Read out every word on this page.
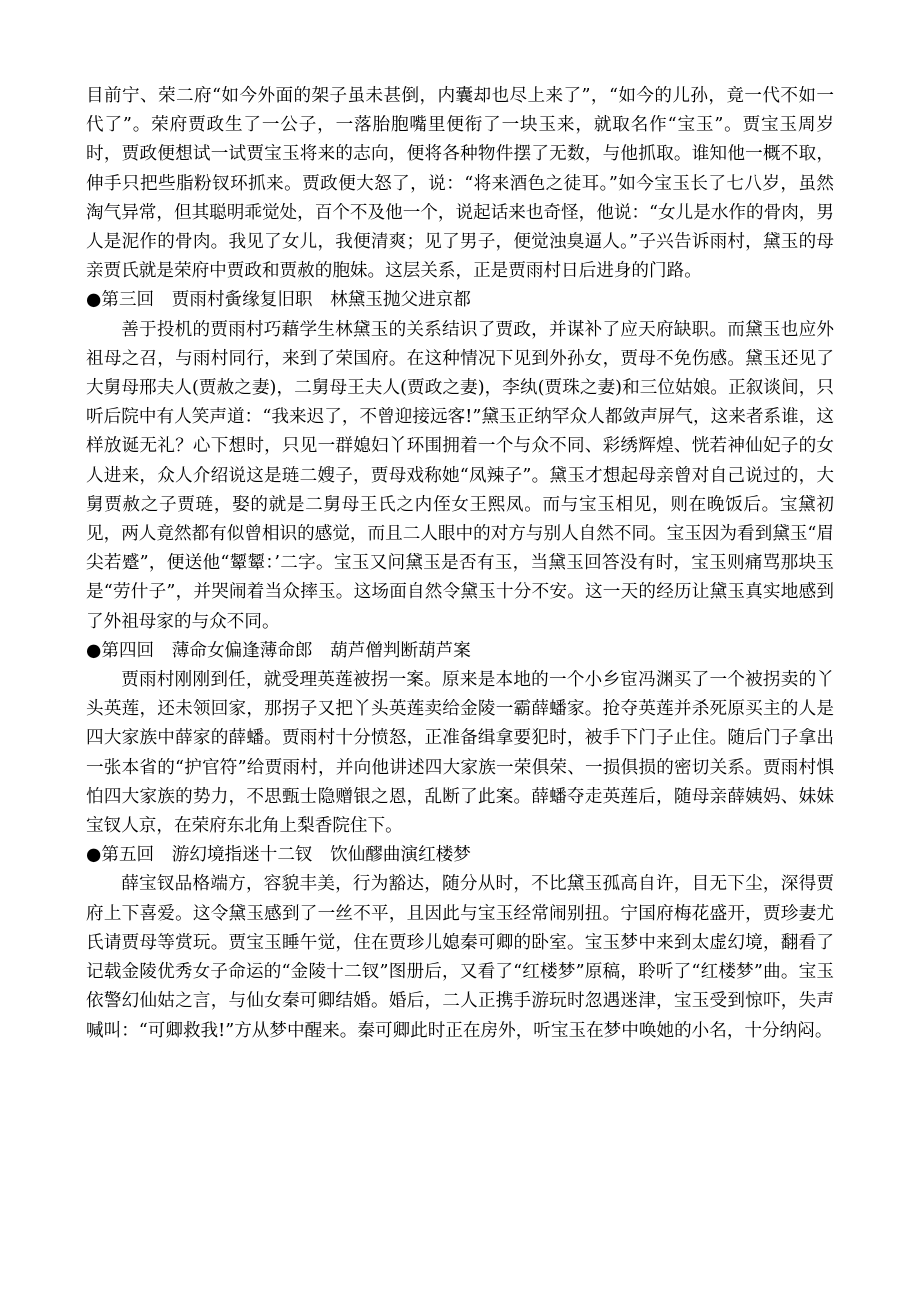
目前宁、荣二府“如今外面的架子虽未甚倒，内囊却也尽上来了”，“如今的儿孙，竟一代不如一代了”。荣府贾政生了一公子，一落胎胞嘴里便衔了一块玉来，就取名作“宝玉”。贾宝玉周岁时，贾政便想试一试贾宝玉将来的志向，便将各种物件摆了无数，与他抓取。谁知他一概不取，伸手只把些脂粉钗环抓来。贾政便大怒了，说：“将来酒色之徒耳。”如今宝玉长了七八岁，虽然淘气异常，但其聪明乖觉处，百个不及他一个，说起话来也奇怪，他说：“女儿是水作的骨肉，男人是泥作的骨肉。我见了女儿，我便清爽；见了男子，便觉浊臭逼人。”子兴告诉雨村，黛玉的母亲贾氏就是荣府中贾政和贾赦的胞妹。这层关系，正是贾雨村日后进身的门路。

●第三回 贾雨村夤缘复旧职 林黛玉抛父进京都

善于投机的贾雨村巧藉学生林黛玉的关系结识了贾政，并谋补了应天府缺职。而黛玉也应外祖母之召，与雨村同行，来到了荣国府。在这种情况下见到外孙女，贾母不免伤感。黛玉还见了大舅母邢夫人(贾赦之妻)，二舅母王夫人(贾政之妻)，李纨(贾珠之妻)和三位姑娘。正叙谈间，只听后院中有人笑声道：“我来迟了，不曾迎接远客!”黛玉正纳罕众人都敛声屏气，这来者系谁，这样放诞无礼？心下想时，只见一群媳妇丫环围拥着一个与众不同、彩绣辉煌、恍若神仙妃子的女人进来，众人介绍说这是琏二嫂子，贾母戏称她“凤辣子”。黛玉才想起母亲曾对自己说过的，大舅贾赦之子贾琏，娶的就是二舅母王氏之内侄女王熙凤。而与宝玉相见，则在晚饭后。宝黛初见，两人竟然都有似曾相识的感觉，而且二人眼中的对方与别人自然不同。宝玉因为看到黛玉“眉尖若蹙”，便送他“颦颦：’二字。宝玉又问黛玉是否有玉，当黛玉回答没有时，宝玉则痛骂那块玉是“劳什子”，并哭闹着当众摔玉。这场面自然令黛玉十分不安。这一天的经历让黛玉真实地感到了外祖母家的与众不同。

●第四回 薄命女偏逢薄命郎 葫芦僧判断葫芦案

贾雨村刚刚到任，就受理英莲被拐一案。原来是本地的一个小乡宦冯渊买了一个被拐卖的丫头英莲，还未领回家，那拐子又把丫头英莲卖给金陵一霸薛蟠家。抢夺英莲并杀死原买主的人是四大家族中薛家的薛蟠。贾雨村十分愤怒，正准备缉拿要犯时，被手下门子止住。随后门子拿出一张本省的“护官符”给贾雨村，并向他讲述四大家族一荣俱荣、一损俱损的密切关系。贾雨村惧怕四大家族的势力，不思甄士隐赠银之恩，乱断了此案。薛蟠夺走英莲后，随母亲薛姨妈、妹妹宝钗人京，在荣府东北角上梨香院住下。

●第五回 游幻境指迷十二钗 饮仙醪曲演红楼梦

薛宝钗品格端方，容貌丰美，行为豁达，随分从时，不比黛玉孤高自许，目无下尘，深得贾府上下喜爱。这令黛玉感到了一丝不平，且因此与宝玉经常闹别扭。宁国府梅花盛开，贾珍妻尤氏请贾母等赏玩。贾宝玉睡午觉，住在贾珍儿媳秦可卿的卧室。宝玉梦中来到太虚幻境，翻看了记载金陵优秀女子命运的“金陵十二钗”图册后，又看了“红楼梦”原稿，聆听了“红楼梦”曲。宝玉依警幻仙姑之言，与仙女秦可卿结婚。婚后，二人正携手游玩时忽遇迷津，宝玉受到惊吓，失声喊叫：“可卿救我!”方从梦中醒来。秦可卿此时正在房外，听宝玉在梦中唤她的小名，十分纳闷。
